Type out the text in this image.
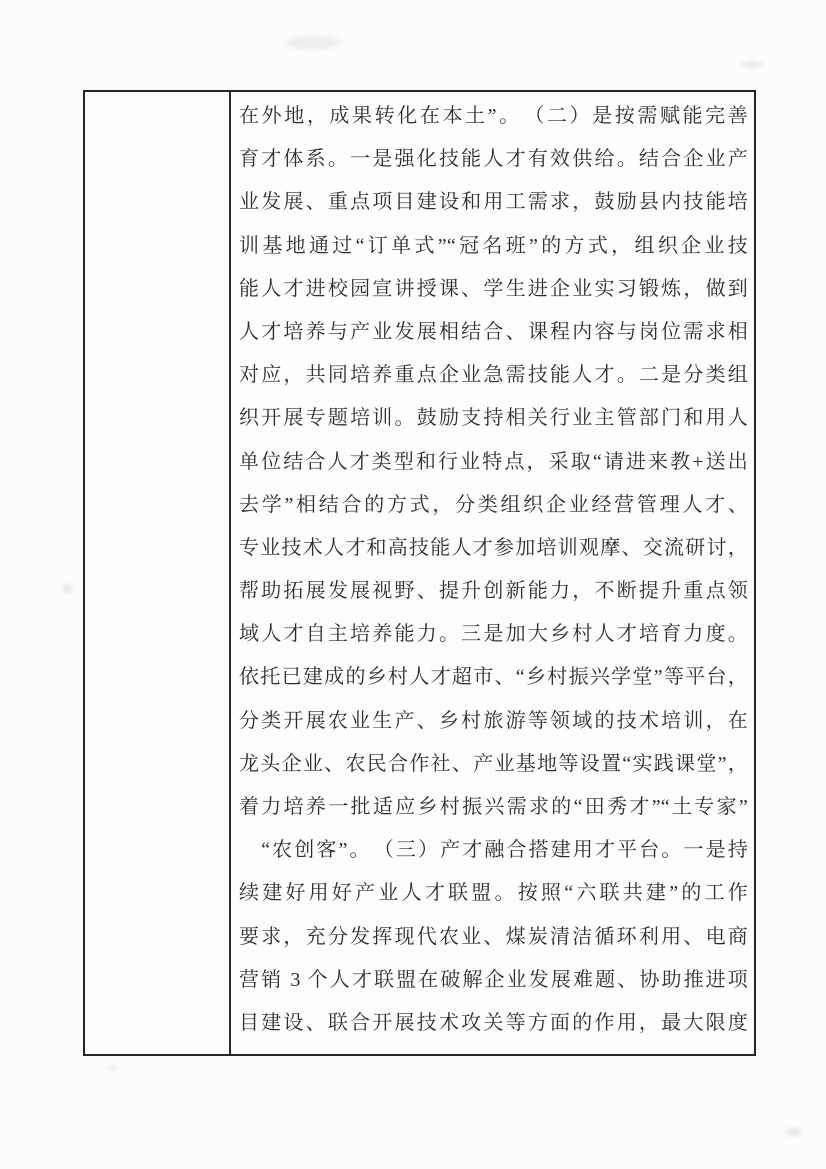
在外地，成果转化在本土”。　（二）是按需赋能完善
育才体系。一是强化技能人才有效供给。结合企业产
业发展、重点项目建设和用工需求，鼓励县内技能培
训基地通过“订单式”“冠名班”的方式，组织企业技
能人才进校园宣讲授课、学生进企业实习锻炼，做到
人才培养与产业发展相结合、课程内容与岗位需求相
对应，共同培养重点企业急需技能人才。二是分类组
织开展专题培训。鼓励支持相关行业主管部门和用人
单位结合人才类型和行业特点，采取“请进来教+送出
去学”相结合的方式，分类组织企业经营管理人才、
专业技术人才和高技能人才参加培训观摩、交流研讨，
帮助拓展发展视野、提升创新能力，不断提升重点领
域人才自主培养能力。三是加大乡村人才培育力度。
依托已建成的乡村人才超市、“乡村振兴学堂”等平台，
分类开展农业生产、乡村旅游等领域的技术培训，在
龙头企业、农民合作社、产业基地等设置“实践课堂”，
着力培养一批适应乡村振兴需求的“田秀才”“土专家”
　“农创客”。　（三）产才融合搭建用才平台。一是持
续建好用好产业人才联盟。按照“六联共建”的工作
要求，充分发挥现代农业、煤炭清洁循环利用、电商
营销 3 个人才联盟在破解企业发展难题、协助推进项
目建设、联合开展技术攻关等方面的作用，最大限度
